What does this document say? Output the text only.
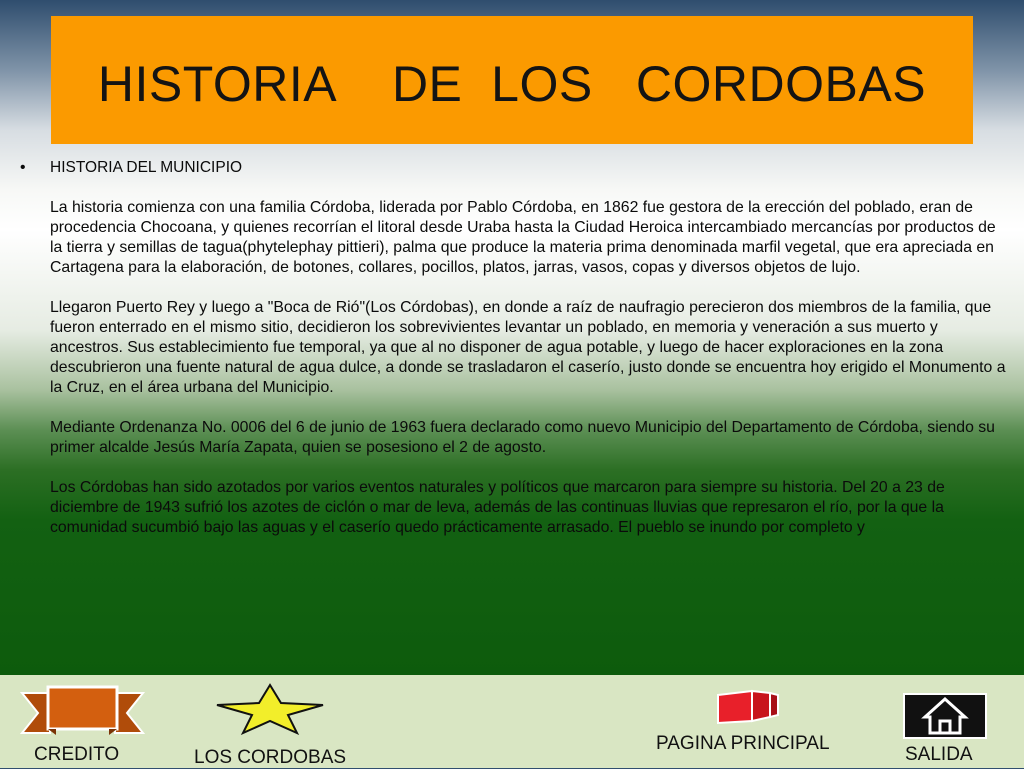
HISTORIA    DE  LOS   CORDOBAS
• HISTORIA DEL MUNICIPIO

La historia comienza con una familia Córdoba, liderada por Pablo Córdoba, en 1862 fue gestora de la erección del poblado, eran de procedencia Chocoana, y quienes recorrían el litoral desde Uraba hasta la Ciudad Heroica intercambiado mercancías por productos de la tierra y semillas de tagua(phytelephay pittieri), palma que produce la materia prima denominada marfil vegetal, que era apreciada en Cartagena para la elaboración, de botones, collares, pocillos, platos, jarras, vasos, copas y diversos objetos de lujo.

Llegaron Puerto Rey y luego a "Boca de Rió"(Los Córdobas), en donde a raíz de naufragio perecieron dos miembros de la familia, que fueron enterrado en el mismo sitio, decidieron los sobrevivientes levantar un poblado, en memoria y veneración a sus muerto y ancestros. Sus establecimiento fue temporal, ya que al no disponer de agua potable, y luego de hacer exploraciones en la zona descubrieron una fuente natural de agua dulce, a donde se trasladaron el caserío, justo donde se encuentra hoy erigido el Monumento a la Cruz, en el área urbana del Municipio.

Mediante Ordenanza No. 0006 del 6 de junio de 1963 fuera declarado como nuevo Municipio del Departamento de Córdoba, siendo su primer alcalde Jesús María Zapata, quien se posesiono el 2 de agosto.

Los Córdobas han sido azotados por varios eventos naturales y políticos que marcaron para siempre su historia. Del 20 a 23 de diciembre de 1943 sufrió los azotes de ciclón o mar de leva, además de las continuas lluvias que represaron el río, por la que la comunidad sucumbió bajo las aguas y el caserío quedo prácticamente arrasado. El pueblo se inundo por completo y

CREDITO	LOS CORDOBAS
PAGINA PRINCIPAL
SALIDA
